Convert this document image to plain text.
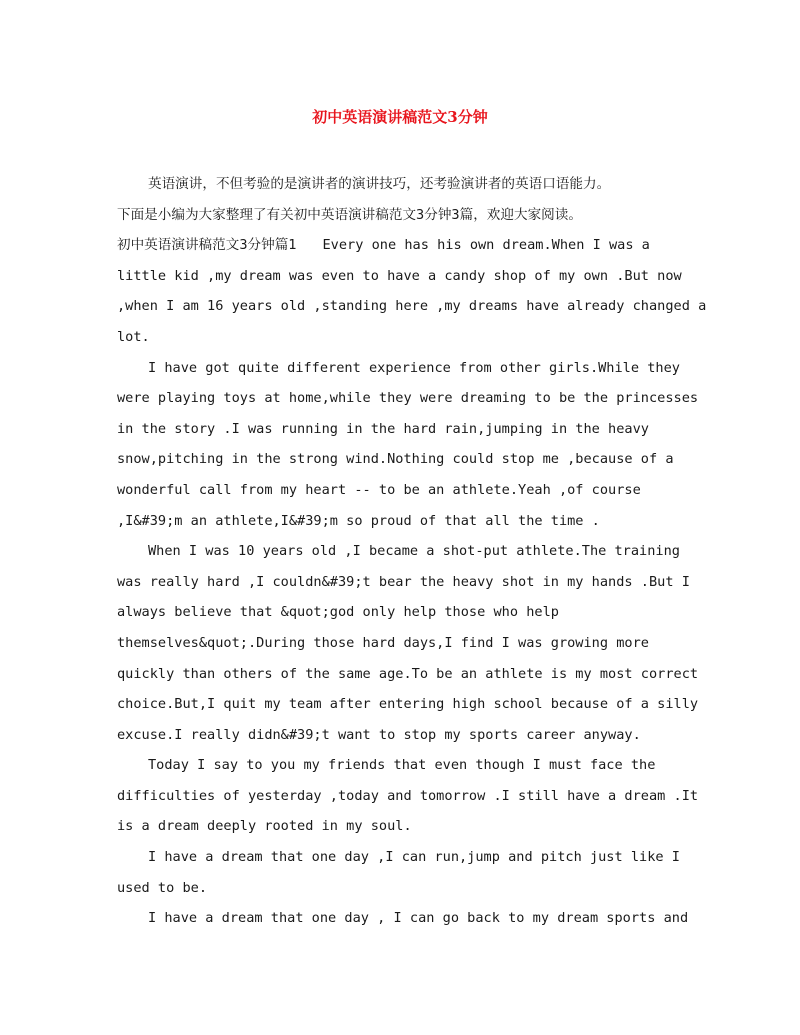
初中英语演讲稿范文3分钟
英语演讲，不但考验的是演讲者的演讲技巧，还考验演讲者的英语口语能力。
下面是小编为大家整理了有关初中英语演讲稿范文3分钟3篇，欢迎大家阅读。
初中英语演讲稿范文3分钟篇1 Every one has his own dream.When I was a
little kid ,my dream was even to have a candy shop of my own .But now
,when I am 16 years old ,standing here ,my dreams have already changed a
lot.
I have got quite different experience from other girls.While they
were playing toys at home,while they were dreaming to be the princesses
in the story .I was running in the hard rain,jumping in the heavy
snow,pitching in the strong wind.Nothing could stop me ,because of a
wonderful call from my heart -- to be an athlete.Yeah ,of course
,I&#39;m an athlete,I&#39;m so proud of that all the time .
When I was 10 years old ,I became a shot-put athlete.The training
was really hard ,I couldn&#39;t bear the heavy shot in my hands .But I
always believe that &quot;god only help those who help
themselves&quot;.During those hard days,I find I was growing more
quickly than others of the same age.To be an athlete is my most correct
choice.But,I quit my team after entering high school because of a silly
excuse.I really didn&#39;t want to stop my sports career anyway.
Today I say to you my friends that even though I must face the
difficulties of yesterday ,today and tomorrow .I still have a dream .It
is a dream deeply rooted in my soul.
I have a dream that one day ,I can run,jump and pitch just like I
used to be.
I have a dream that one day , I can go back to my dream sports and
